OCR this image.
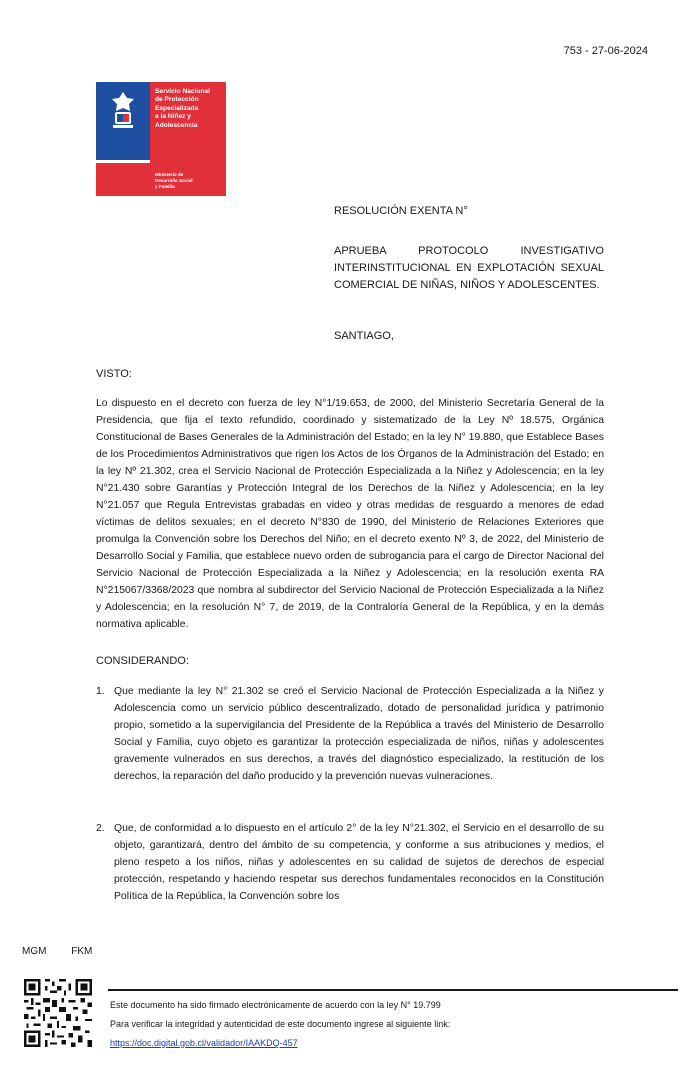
753 - 27-06-2024
Servicio Nacional
de Protección
Especializada
a la Niñez y
Adolescencia
Ministerio de
Desarrollo Social
y Familia
RESOLUCIÓN EXENTA N°
APRUEBA PROTOCOLO INVESTIGATIVO INTERINSTITUCIONAL EN EXPLOTACIÓN SEXUAL COMERCIAL DE NIÑAS, NIÑOS Y ADOLESCENTES.
SANTIAGO,
VISTO:
Lo dispuesto en el decreto con fuerza de ley N°1/19.653, de 2000, del Ministerio Secretaría General de la Presidencia, que fija el texto refundido, coordinado y sistematizado de la Ley Nº 18.575, Orgánica Constitucional de Bases Generales de la Administración del Estado; en la ley N° 19.880, que Establece Bases de los Procedimientos Administrativos que rigen los Actos de los Órganos de la Administración del Estado; en la ley Nº 21.302, crea el Servicio Nacional de Protección Especializada a la Niñez y Adolescencia; en la ley N°21.430 sobre Garantías y Protección Integral de los Derechos de la Niñez y Adolescencia; en la ley N°21.057 que Regula Entrevistas grabadas en video y otras medidas de resguardo a menores de edad víctimas de delitos sexuales; en el decreto N°830 de 1990, del Ministerio de Relaciones Exteriores que promulga la Convención sobre los Derechos del Niño; en el decreto exento Nº 3, de 2022, del Ministerio de Desarrollo Social y Familia, que establece nuevo orden de subrogancia para el cargo de Director Nacional del Servicio Nacional de Protección Especializada a la Niñez y Adolescencia; en la resolución exenta RA N°215067/3368/2023 que nombra al subdirector del Servicio Nacional de Protección Especializada a la Niñez y Adolescencia; en la resolución N° 7, de 2019, de la Contraloría General de la República, y en la demás normativa aplicable.
CONSIDERANDO:
1. Que mediante la ley N° 21.302 se creó el Servicio Nacional de Protección Especializada a la Niñez y Adolescencia como un servicio público descentralizado, dotado de personalidad jurídica y patrimonio propio, sometido a la supervigilancia del Presidente de la República a través del Ministerio de Desarrollo Social y Familia, cuyo objeto es garantizar la protección especializada de niños, niñas y adolescentes gravemente vulnerados en sus derechos, a través del diagnóstico especializado, la restitución de los derechos, la reparación del daño producido y la prevención nuevas vulneraciones.
2. Que, de conformidad a lo dispuesto en el artículo 2° de la ley N°21.302, el Servicio en el desarrollo de su objeto, garantizará, dentro del ámbito de su competencia, y conforme a sus atribuciones y medios, el pleno respeto a los niños, niñas y adolescentes en su calidad de sujetos de derechos de especial protección, respetando y haciendo respetar sus derechos fundamentales reconocidos en la Constitución Política de la República, la Convención sobre los
MGM FKM
Este documento ha sido firmado electrónicamente de acuerdo con la ley N° 19.799
Para verificar la integridad y autenticidad de este documento ingrese al siguiente link:
https://doc.digital.gob.cl/validador/IAAKDQ-457
